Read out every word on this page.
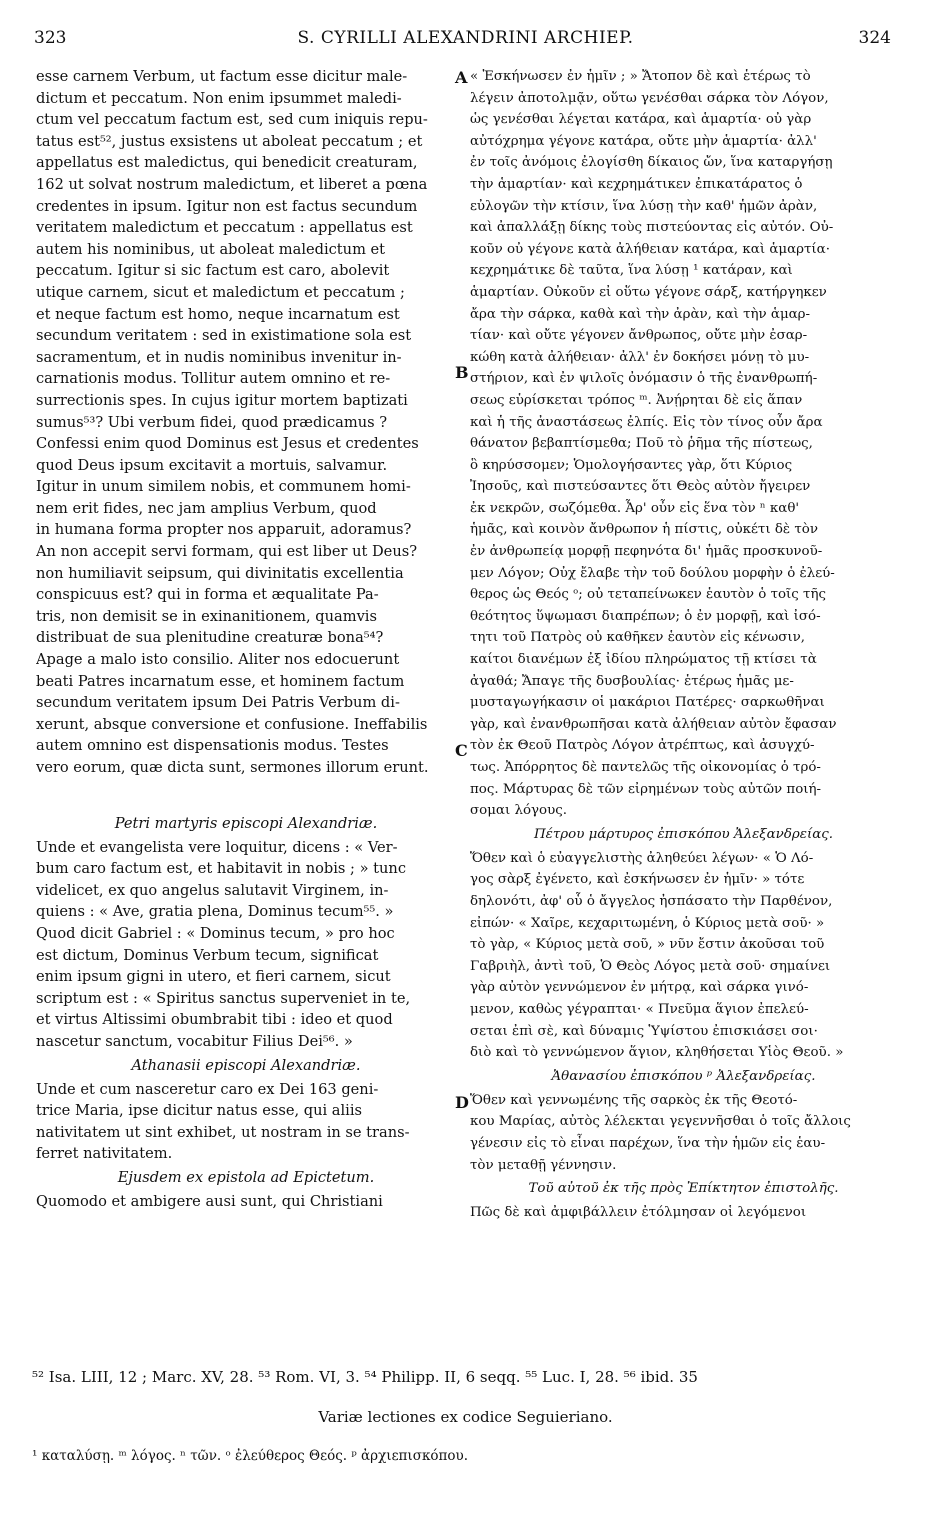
323	S. CYRILLI ALEXANDRINI ARCHIEP.	324
A
B
C
D
esse carnem Verbum, ut factum esse dicitur male-
dictum et peccatum. Non enim ipsummet maledi-
ctum vel peccatum factum est, sed cum iniquis repu-
tatus est⁵², justus exsistens ut aboleat peccatum ; et
appellatus est maledictus, qui benedicit creaturam,
162 ut solvat nostrum maledictum, et liberet a pœna
credentes in ipsum. Igitur non est factus secundum
veritatem maledictum et peccatum : appellatus est
autem his nominibus, ut aboleat maledictum et
peccatum. Igitur si sic factum est caro, abolevit
utique carnem, sicut et maledictum et peccatum ;
et neque factum est homo, neque incarnatum est
secundum veritatem : sed in existimatione sola est
sacramentum, et in nudis nominibus invenitur in-
carnationis modus. Tollitur autem omnino et re-
surrectionis spes. In cujus igitur mortem baptizati
sumus⁵³? Ubi verbum fidei, quod prædicamus ?
Confessi enim quod Dominus est Jesus et credentes
quod Deus ipsum excitavit a mortuis, salvamur.
Igitur in unum similem nobis, et communem homi-
nem erit fides, nec jam amplius Verbum, quod
in humana forma propter nos apparuit, adoramus?
An non accepit servi formam, qui est liber ut Deus?
non humiliavit seipsum, qui divinitatis excellentia
conspicuus est? qui in forma et æqualitate Pa-
tris, non demisit se in exinanitionem, quamvis
distribuat de sua plenitudine creaturæ bona⁵⁴?
Apage a malo isto consilio. Aliter nos edocuerunt
beati Patres incarnatum esse, et hominem factum
secundum veritatem ipsum Dei Patris Verbum di-
xerunt, absque conversione et confusione. Ineffabilis
autem omnino est dispensationis modus. Testes
vero eorum, quæ dicta sunt, sermones illorum erunt.
Petri martyris episcopi Alexandriæ.
Unde et evangelista vere loquitur, dicens : « Ver-
bum caro factum est, et habitavit in nobis ; » tunc
videlicet, ex quo angelus salutavit Virginem, in-
quiens : « Ave, gratia plena, Dominus tecum⁵⁵. »
Quod dicit Gabriel : « Dominus tecum, » pro hoc
est dictum, Dominus Verbum tecum, significat
enim ipsum gigni in utero, et fieri carnem, sicut
scriptum est : « Spiritus sanctus superveniet in te,
et virtus Altissimi obumbrabit tibi : ideo et quod
nascetur sanctum, vocabitur Filius Dei⁵⁶. »
Athanasii episcopi Alexandriæ.
Unde et cum nasceretur caro ex Dei 163 geni-
trice Maria, ipse dicitur natus esse, qui aliis
nativitatem ut sint exhibet, ut nostram in se trans-
ferret nativitatem.
Ejusdem ex epistola ad Epictetum.
Quomodo et ambigere ausi sunt, qui Christiani
« Ἐσκήνωσεν ἐν ἡμῖν ; » Ἄτοπον δὲ καὶ ἑτέρως τὸ
λέγειν ἀποτολμᾷν, οὕτω γενέσθαι σάρκα τὸν Λόγον,
ὡς γενέσθαι λέγεται κατάρα, καὶ ἁμαρτία· οὐ γὰρ
αὐτόχρημα γέγονε κατάρα, οὔτε μὴν ἁμαρτία· ἀλλ'
ἐν τοῖς ἀνόμοις ἐλογίσθη δίκαιος ὤν, ἵνα καταργήσῃ
τὴν ἁμαρτίαν· καὶ κεχρημάτικεν ἐπικατάρατος ὁ
εὐλογῶν τὴν κτίσιν, ἵνα λύσῃ τὴν καθ' ἡμῶν ἀρὰν,
καὶ ἀπαλλάξῃ δίκης τοὺς πιστεύοντας εἰς αὐτόν. Οὐ-
κοῦν οὐ γέγονε κατὰ ἀλήθειαν κατάρα, καὶ ἁμαρτία·
κεχρημάτικε δὲ ταῦτα, ἵνα λύσῃ ¹ κατάραν, καὶ
ἁμαρτίαν. Οὐκοῦν εἰ οὕτω γέγονε σάρξ, κατήργηκεν
ἄρα τὴν σάρκα, καθὰ καὶ τὴν ἀρὰν, καὶ τὴν ἁμαρ-
τίαν· καὶ οὔτε γέγονεν ἄνθρωπος, οὔτε μὴν ἐσαρ-
κώθη κατὰ ἀλήθειαν· ἀλλ' ἐν δοκήσει μόνῃ τὸ μυ-
στήριον, καὶ ἐν ψιλοῖς ὀνόμασιν ὁ τῆς ἐνανθρωπή-
σεως εὑρίσκεται τρόπος ᵐ. Ἀνῄρηται δὲ εἰς ἅπαν
καὶ ἡ τῆς ἀναστάσεως ἐλπίς. Εἰς τὸν τίνος οὖν ἄρα
θάνατον βεβαπτίσμεθα; Ποῦ τὸ ῥῆμα τῆς πίστεως,
ὃ κηρύσσομεν; Ὁμολογήσαντες γὰρ, ὅτι Κύριος
Ἰησοῦς, καὶ πιστεύσαντες ὅτι Θεὸς αὐτὸν ἤγειρεν
ἐκ νεκρῶν, σωζόμεθα. Ἆρ' οὖν εἰς ἕνα τὸν ⁿ καθ'
ἡμᾶς, καὶ κοινὸν ἄνθρωπον ἡ πίστις, οὐκέτι δὲ τὸν
ἐν ἀνθρωπείᾳ μορφῇ πεφηνότα δι' ἡμᾶς προσκυνοῦ-
μεν Λόγον; Οὐχ ἔλαβε τὴν τοῦ δούλου μορφὴν ὁ ἐλεύ-
θερος ὡς Θεός ᵒ; οὐ τεταπείνωκεν ἑαυτὸν ὁ τοῖς τῆς
θεότητος ὕψωμασι διαπρέπων; ὁ ἐν μορφῇ, καὶ ἰσό-
τητι τοῦ Πατρὸς οὐ καθῆκεν ἑαυτὸν εἰς κένωσιν,
καίτοι διανέμων ἐξ ἰδίου πληρώματος τῇ κτίσει τὰ
ἀγαθά; Ἄπαγε τῆς δυσβουλίας· ἑτέρως ἡμᾶς με-
μυσταγωγήκασιν οἱ μακάριοι Πατέρες· σαρκωθῆναι
γὰρ, καὶ ἐνανθρωπῆσαι κατὰ ἀλήθειαν αὐτὸν ἔφασαν
τὸν ἐκ Θεοῦ Πατρὸς Λόγον ἀτρέπτως, καὶ ἀσυγχύ-
τως. Ἀπόρρητος δὲ παντελῶς τῆς οἰκονομίας ὁ τρό-
πος. Μάρτυρας δὲ τῶν εἰρημένων τοὺς αὐτῶν ποιή-
σομαι λόγους.
Πέτρου μάρτυρος ἐπισκόπου Ἀλεξανδρείας.
Ὅθεν καὶ ὁ εὐαγγελιστὴς ἀληθεύει λέγων· « Ὁ Λό-
γος σὰρξ ἐγένετο, καὶ ἐσκήνωσεν ἐν ἡμῖν· » τότε
δηλονότι, ἀφ' οὗ ὁ ἄγγελος ἠσπάσατο τὴν Παρθένον,
εἰπών· « Χαῖρε, κεχαριτωμένη, ὁ Κύριος μετὰ σοῦ· »
τὸ γὰρ, « Κύριος μετὰ σοῦ, » νῦν ἔστιν ἀκοῦσαι τοῦ
Γαβριὴλ, ἀντὶ τοῦ, Ὁ Θεὸς Λόγος μετὰ σοῦ· σημαίνει
γὰρ αὐτὸν γεννώμενον ἐν μήτρᾳ, καὶ σάρκα γινό-
μενον, καθὼς γέγραπται· « Πνεῦμα ἅγιον ἐπελεύ-
σεται ἐπὶ σὲ, καὶ δύναμις Ὑψίστου ἐπισκιάσει σοι·
διὸ καὶ τὸ γεννώμενον ἅγιον, κληθήσεται Υἱὸς Θεοῦ. »
Ἀθανασίου ἐπισκόπου ᵖ Ἀλεξανδρείας.
Ὅθεν καὶ γεννωμένης τῆς σαρκὸς ἐκ τῆς Θεοτό-
κου Μαρίας, αὐτὸς λέλεκται γεγεννῆσθαι ὁ τοῖς ἄλλοις
γένεσιν εἰς τὸ εἶναι παρέχων, ἵνα τὴν ἡμῶν εἰς ἑαυ-
τὸν μεταθῇ γέννησιν.
Τοῦ αὐτοῦ ἐκ τῆς πρὸς Ἐπίκτητον ἐπιστολῆς.
Πῶς δὲ καὶ ἀμφιβάλλειν ἐτόλμησαν οἱ λεγόμενοι
⁵² Isa. LIII, 12 ; Marc. XV, 28. ⁵³ Rom. VI, 3. ⁵⁴ Philipp. II, 6 seqq. ⁵⁵ Luc. I, 28. ⁵⁶ ibid. 35
Variæ lectiones ex codice Seguieriano.
¹ καταλύσῃ. ᵐ λόγος. ⁿ τῶν. ᵒ ἐλεύθερος Θεός. ᵖ ἀρχιεπισκόπου.
